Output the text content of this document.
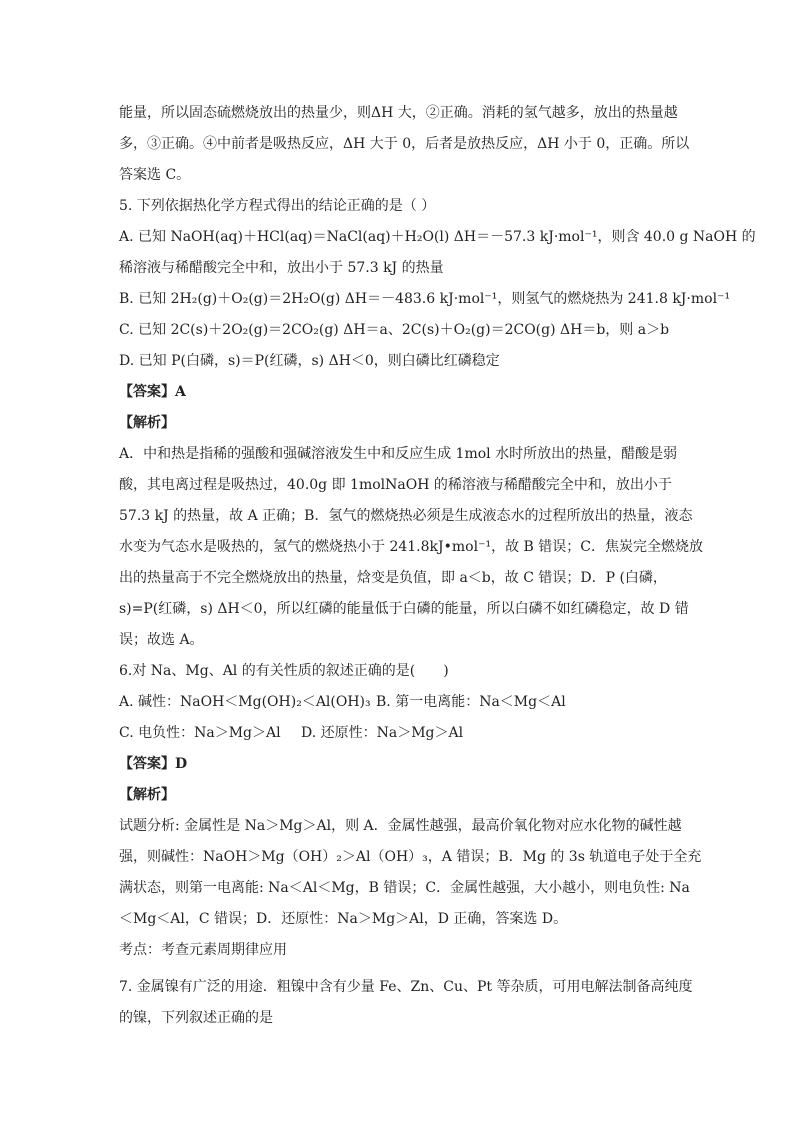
能量，所以固态硫燃烧放出的热量少，则ΔH 大，②正确。消耗的氢气越多，放出的热量越
多，③正确。④中前者是吸热反应，ΔH 大于 0，后者是放热反应，ΔH 小于 0，正确。所以
答案选 C。
5. 下列依据热化学方程式得出的结论正确的是（ ）
A. 已知 NaOH(aq)＋HCl(aq)＝NaCl(aq)＋H₂O(l) ΔH＝－57.3 kJ·mol⁻¹，则含 40.0 g NaOH 的
稀溶液与稀醋酸完全中和，放出小于 57.3 kJ 的热量
B. 已知 2H₂(g)＋O₂(g)＝2H₂O(g) ΔH＝－483.6 kJ·mol⁻¹，则氢气的燃烧热为 241.8 kJ·mol⁻¹
C. 已知 2C(s)＋2O₂(g)＝2CO₂(g) ΔH＝a、2C(s)＋O₂(g)＝2CO(g) ΔH＝b，则 a＞b
D. 已知 P(白磷，s)＝P(红磷，s) ΔH＜0，则白磷比红磷稳定
【答案】A
【解析】
A．中和热是指稀的强酸和强碱溶液发生中和反应生成 1mol 水时所放出的热量，醋酸是弱
酸，其电离过程是吸热过，40.0g 即 1molNaOH 的稀溶液与稀醋酸完全中和，放出小于
57.3 kJ 的热量，故 A 正确；B．氢气的燃烧热必须是生成液态水的过程所放出的热量，液态
水变为气态水是吸热的，氢气的燃烧热小于 241.8kJ•mol⁻¹，故 B 错误；C．焦炭完全燃烧放
出的热量高于不完全燃烧放出的热量，焓变是负值，即 a＜b，故 C 错误；D．P (白磷，
s)=P(红磷，s) ΔH＜0，所以红磷的能量低于白磷的能量，所以白磷不如红磷稳定，故 D 错
误；故选 A。
6.对 Na、Mg、Al 的有关性质的叙述正确的是(　　)
A. 碱性：NaOH＜Mg(OH)₂＜Al(OH)₃ B. 第一电离能：Na＜Mg＜Al
C. 电负性：Na＞Mg＞Al D. 还原性：Na＞Mg＞Al
【答案】D
【解析】
试题分析: 金属性是 Na＞Mg＞Al，则 A．金属性越强，最高价氧化物对应水化物的碱性越
强，则碱性：NaOH＞Mg（OH）₂＞Al（OH）₃，A 错误；B．Mg 的 3s 轨道电子处于全充
满状态，则第一电离能: Na＜Al＜Mg，B 错误；C．金属性越强，大小越小，则电负性: Na
＜Mg＜Al，C 错误；D．还原性：Na＞Mg＞Al，D 正确，答案选 D。
考点：考查元素周期律应用
7. 金属镍有广泛的用途．粗镍中含有少量 Fe、Zn、Cu、Pt 等杂质，可用电解法制备高纯度
的镍，下列叙述正确的是
